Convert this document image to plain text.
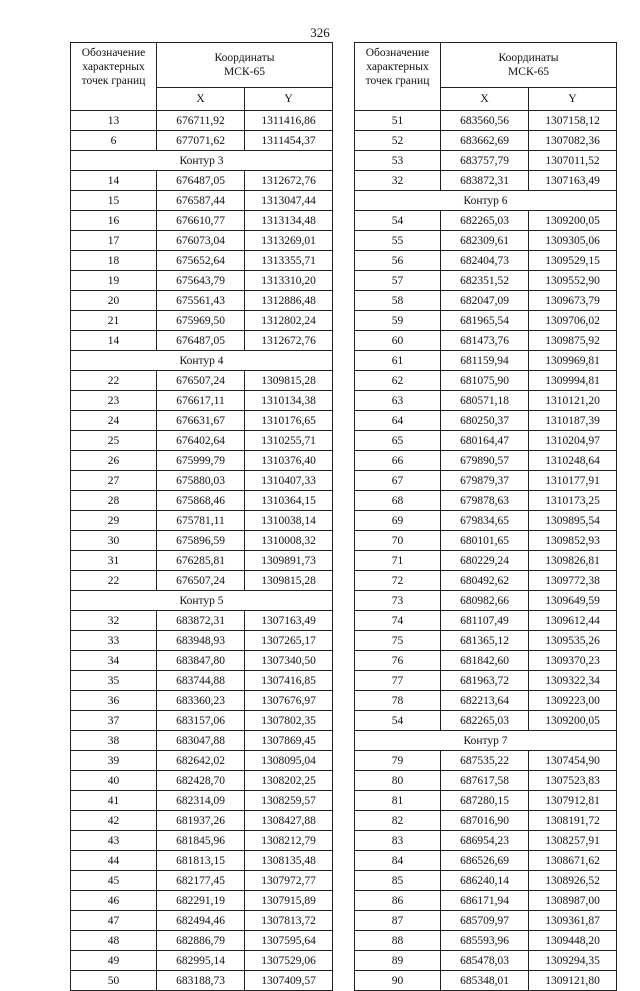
326
Обозначение характерных точек границ	Координаты
МСК-65	

	X	Y
13	676711,92	1311416,86
6	677071,62	1311454,37
Контур 3		
14	676487,05	1312672,76
15	676587,44	1313047,44
16	676610,77	1313134,48
17	676073,04	1313269,01
18	675652,64	1313355,71
19	675643,79	1313310,20
20	675561,43	1312886,48
21	675969,50	1312802,24
14	676487,05	1312672,76
Контур 4		
22	676507,24	1309815,28
23	676617,11	1310134,38
24	676631,67	1310176,65
25	676402,64	1310255,71
26	675999,79	1310376,40
27	675880,03	1310407,33
28	675868,46	1310364,15
29	675781,11	1310038,14
30	675896,59	1310008,32
31	676285,81	1309891,73
22	676507,24	1309815,28
Контур 5		
32	683872,31	1307163,49
33	683948,93	1307265,17
34	683847,80	1307340,50
35	683744,88	1307416,85
36	683360,23	1307676,97
37	683157,06	1307802,35
38	683047,88	1307869,45
39	682642,02	1308095,04
40	682428,70	1308202,25
41	682314,09	1308259,57
42	681937,26	1308427,88
43	681845,96	1308212,79
44	681813,15	1308135,48
45	682177,45	1307972,77
46	682291,19	1307915,89
47	682494,46	1307813,72
48	682886,79	1307595,64
49	682995,14	1307529,06
50	683188,73	1307409,57
Обозначение характерных точек границ	Координаты
МСК-65	

	X	Y
51	683560,56	1307158,12
52	683662,69	1307082,36
53	683757,79	1307011,52
32	683872,31	1307163,49
Контур 6		
54	682265,03	1309200,05
55	682309,61	1309305,06
56	682404,73	1309529,15
57	682351,52	1309552,90
58	682047,09	1309673,79
59	681965,54	1309706,02
60	681473,76	1309875,92
61	681159,94	1309969,81
62	681075,90	1309994,81
63	680571,18	1310121,20
64	680250,37	1310187,39
65	680164,47	1310204,97
66	679890,57	1310248,64
67	679879,37	1310177,91
68	679878,63	1310173,25
69	679834,65	1309895,54
70	680101,65	1309852,93
71	680229,24	1309826,81
72	680492,62	1309772,38
73	680982,66	1309649,59
74	681107,49	1309612,44
75	681365,12	1309535,26
76	681842,60	1309370,23
77	681963,72	1309322,34
78	682213,64	1309223,00
54	682265,03	1309200,05
Контур 7		
79	687535,22	1307454,90
80	687617,58	1307523,83
81	687280,15	1307912,81
82	687016,90	1308191,72
83	686954,23	1308257,91
84	686526,69	1308671,62
85	686240,14	1308926,52
86	686171,94	1308987,00
87	685709,97	1309361,87
88	685593,96	1309448,20
89	685478,03	1309294,35
90	685348,01	1309121,80
